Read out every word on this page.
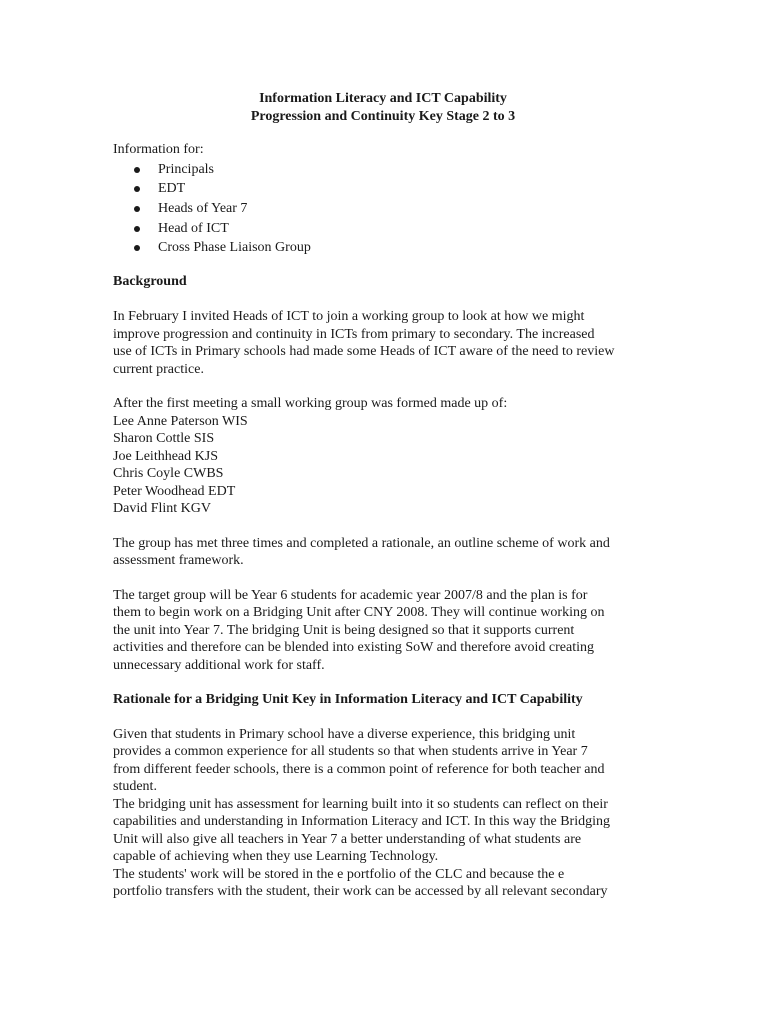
Information Literacy and ICT Capability
Progression and Continuity Key Stage 2 to 3
Information for:
Principals
EDT
Heads of Year 7
Head of ICT
Cross Phase Liaison Group
Background
In February I invited Heads of ICT to join a working group to look at how we might
improve progression and continuity in ICTs from primary to secondary. The increased
use of ICTs in Primary schools had made some Heads of ICT aware of the need to review
current practice.
After the first meeting a small working group was formed made up of:
Lee Anne Paterson WIS
Sharon Cottle SIS
Joe Leithhead KJS
Chris Coyle CWBS
Peter Woodhead EDT
David Flint KGV
The group has met three times and completed a rationale, an outline scheme of work and
assessment framework.
The target group will be Year 6 students for academic year 2007/8 and the plan is for
them to begin work on a Bridging Unit after CNY 2008. They will continue working on
the unit into Year 7. The bridging Unit is being designed so that it supports current
activities and therefore can be blended into existing SoW and therefore avoid creating
unnecessary additional work for staff.
Rationale for a Bridging Unit Key in Information Literacy and ICT Capability
Given that students in Primary school have a diverse experience, this bridging unit
provides a common experience for all students so that when students arrive in Year 7
from different feeder schools, there is a common point of reference for both teacher and
student.
The bridging unit has assessment for learning built into it so students can reflect on their
capabilities and understanding in Information Literacy and ICT. In this way the Bridging
Unit will also give all teachers in Year 7 a better understanding of what students are
capable of achieving when they use Learning Technology.
The students' work will be stored in the e portfolio of the CLC and because the e
portfolio transfers with the student, their work can be accessed by all relevant secondary
